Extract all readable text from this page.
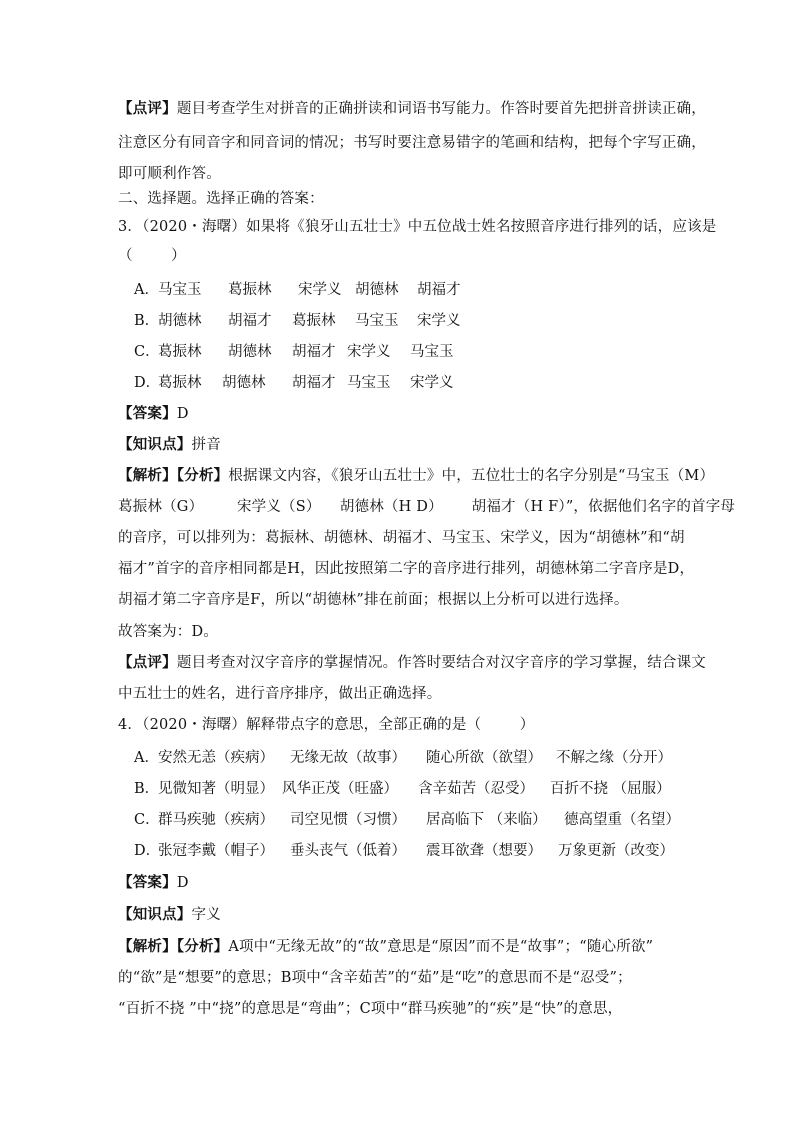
【点评】题目考查学生对拼音的正确拼读和词语书写能力。作答时要首先把拼音拼读正确，
注意区分有同音字和同音词的情况；书写时要注意易错字的笔画和结构，把每个字写正确，
即可顺利作答。
二、选择题。选择正确的答案：
3．（2020・海曙）如果将《狼牙山五壮士》中五位战士姓名按照音序进行排列的话，应该是
（        ）
A． 马宝玉 葛振林 宋学义 胡德林 胡福才
B．
胡德林 胡福才 葛振林 马宝玉 宋学义
C．
葛振林 胡德林 胡福才 宋学义 马宝玉
D．
葛振林 胡德林 胡福才 马宝玉 宋学义
【答案】D
【知识点】拼音
【解析】【分析】根据课文内容，《狼牙山五壮士》中，五位壮士的名字分别是“马宝玉（M）
葛振林（G）       宋学义（S）    胡德林（H D）      胡福才（H F）”，依据他们名字的首字母
的音序，可以排列为：葛振林、胡德林、胡福才、马宝玉、宋学义，因为“胡德林”和“胡
福才”首字的音序相同都是H，因此按照第二字的音序进行排列，胡德林第二字音序是D，
胡福才第二字音序是F，所以“胡德林”排在前面；根据以上分析可以进行选择。
故答案为：D。
【点评】题目考查对汉字音序的掌握情况。作答时要结合对汉字音序的学习掌握，结合课文
中五壮士的姓名，进行音序排序，做出正确选择。
4．（2020・海曙）解释带点字的意思，全部正确的是（        ）
A． 安然无恙（疾病） 无缘无故（故事） 随心所欲（欲望） 不解之缘（分开）
B．
见微知著（明显） 风华正茂（旺盛） 含辛茹苦（忍受） 百折不挠 （屈服）
C．
群马疾驰（疾病） 司空见惯（习惯） 居高临下 （来临） 德高望重（名望）
D．
张冠李戴（帽子） 垂头丧气（低着） 震耳欲聋（想要） 万象更新（改变）
【答案】D
【知识点】字义
【解析】【分析】A项中“无缘无故”的“故”意思是“原因”而不是“故事”；“随心所欲”
的“欲”是“想要”的意思；B项中“含辛茹苦”的“茹”是“吃”的意思而不是“忍受”；
“百折不挠 ”中“挠”的意思是“弯曲”；C项中“群马疾驰”的“疾”是“快”的意思，
